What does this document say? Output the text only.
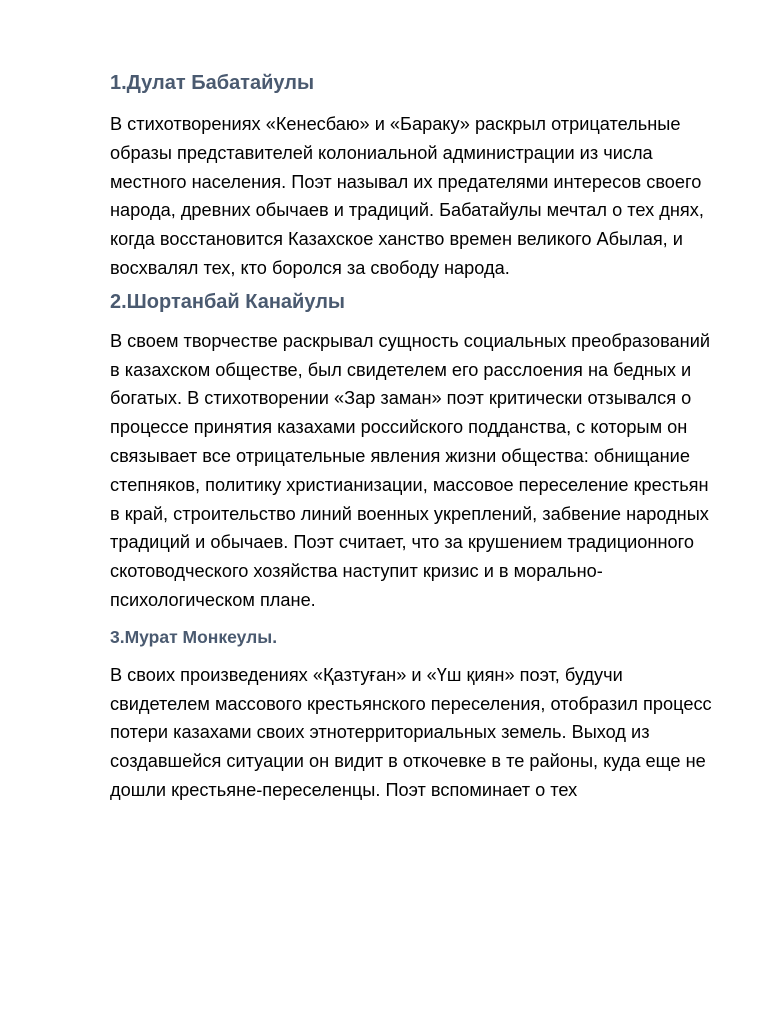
1.Дулат Бабатайулы

В стихотворениях «Кенесбаю» и «Бараку» раскрыл отрицательные образы представителей колониальной администрации из числа местного населения. Поэт называл их предателями интересов своего народа, древних обычаев и традиций. Бабатайулы мечтал о тех днях, когда восстановится Казахское ханство времен великого Абылая, и восхвалял тех, кто боролся за свободу народа.

2.Шортанбай Канайулы

В своем творчестве раскрывал сущность социальных преобразований в казахском обществе, был свидетелем его расслоения на бедных и богатых. В стихотворении «Зар заман» поэт критически отзывался о процессе принятия казахами российского подданства, с которым он связывает все отрицательные явления жизни общества: обнищание степняков, политику христианизации, массовое переселение крестьян в край, строительство линий военных укреплений, забвение народных традиций и обычаев. Поэт считает, что за крушением традиционного скотоводческого хозяйства наступит кризис и в морально-психологическом плане.

3.Мурат Монкеулы.

В своих произведениях «Қазтуған» и «Үш қиян» поэт, будучи свидетелем массового крестьянского переселения, отобразил процесс потери казахами своих этнотерриториальных земель. Выход из создавшейся ситуации он видит в откочевке в те районы, куда еще не дошли крестьяне-переселенцы. Поэт вспоминает о тех
